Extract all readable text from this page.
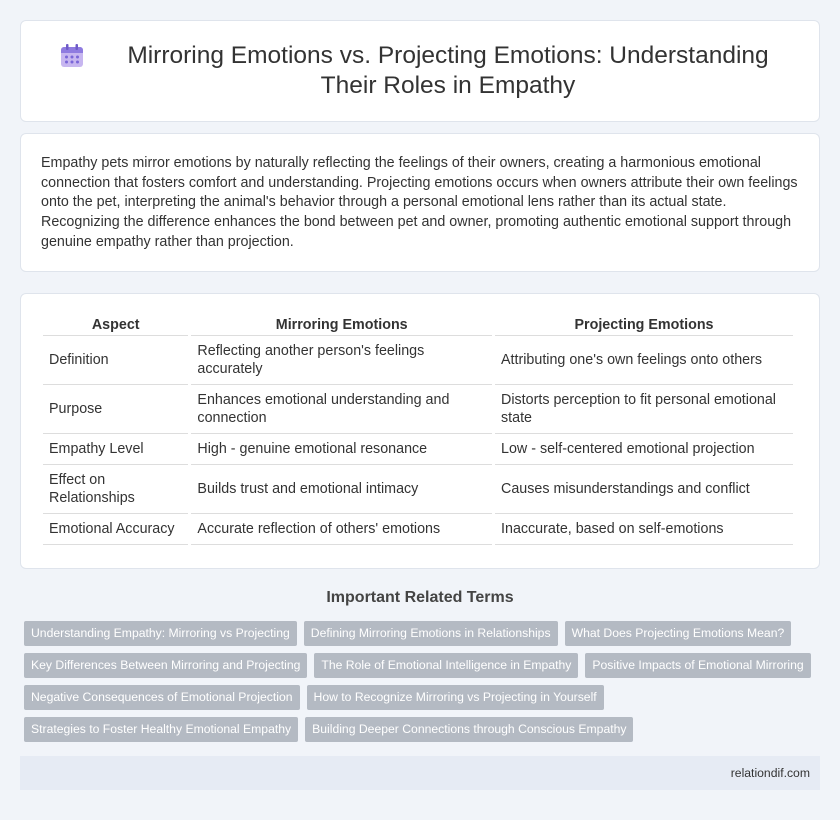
Mirroring Emotions vs. Projecting Emotions: Understanding Their Roles in Empathy

Empathy pets mirror emotions by naturally reflecting the feelings of their owners, creating a harmonious emotional connection that fosters comfort and understanding. Projecting emotions occurs when owners attribute their own feelings onto the pet, interpreting the animal's behavior through a personal emotional lens rather than its actual state. Recognizing the difference enhances the bond between pet and owner, promoting authentic emotional support through genuine empathy rather than projection.

Aspect	Mirroring Emotions	Projecting Emotions
Definition	Reflecting another person's feelings accurately	Attributing one's own feelings onto others
Purpose	Enhances emotional understanding and connection	Distorts perception to fit personal emotional state
Empathy Level	High - genuine emotional resonance	Low - self-centered emotional projection
Effect on Relationships	Builds trust and emotional intimacy	Causes misunderstandings and conflict
Emotional Accuracy	Accurate reflection of others' emotions	Inaccurate, based on self-emotions
Important Related Terms
Understanding Empathy: Mirroring vs Projecting	Defining Mirroring Emotions in Relationships	What Does Projecting Emotions Mean?
Key Differences Between Mirroring and Projecting	The Role of Emotional Intelligence in Empathy	Positive Impacts of Emotional Mirroring
Negative Consequences of Emotional Projection	How to Recognize Mirroring vs Projecting in Yourself
Strategies to Foster Healthy Emotional Empathy	Building Deeper Connections through Conscious Empathy
relationdif.com
